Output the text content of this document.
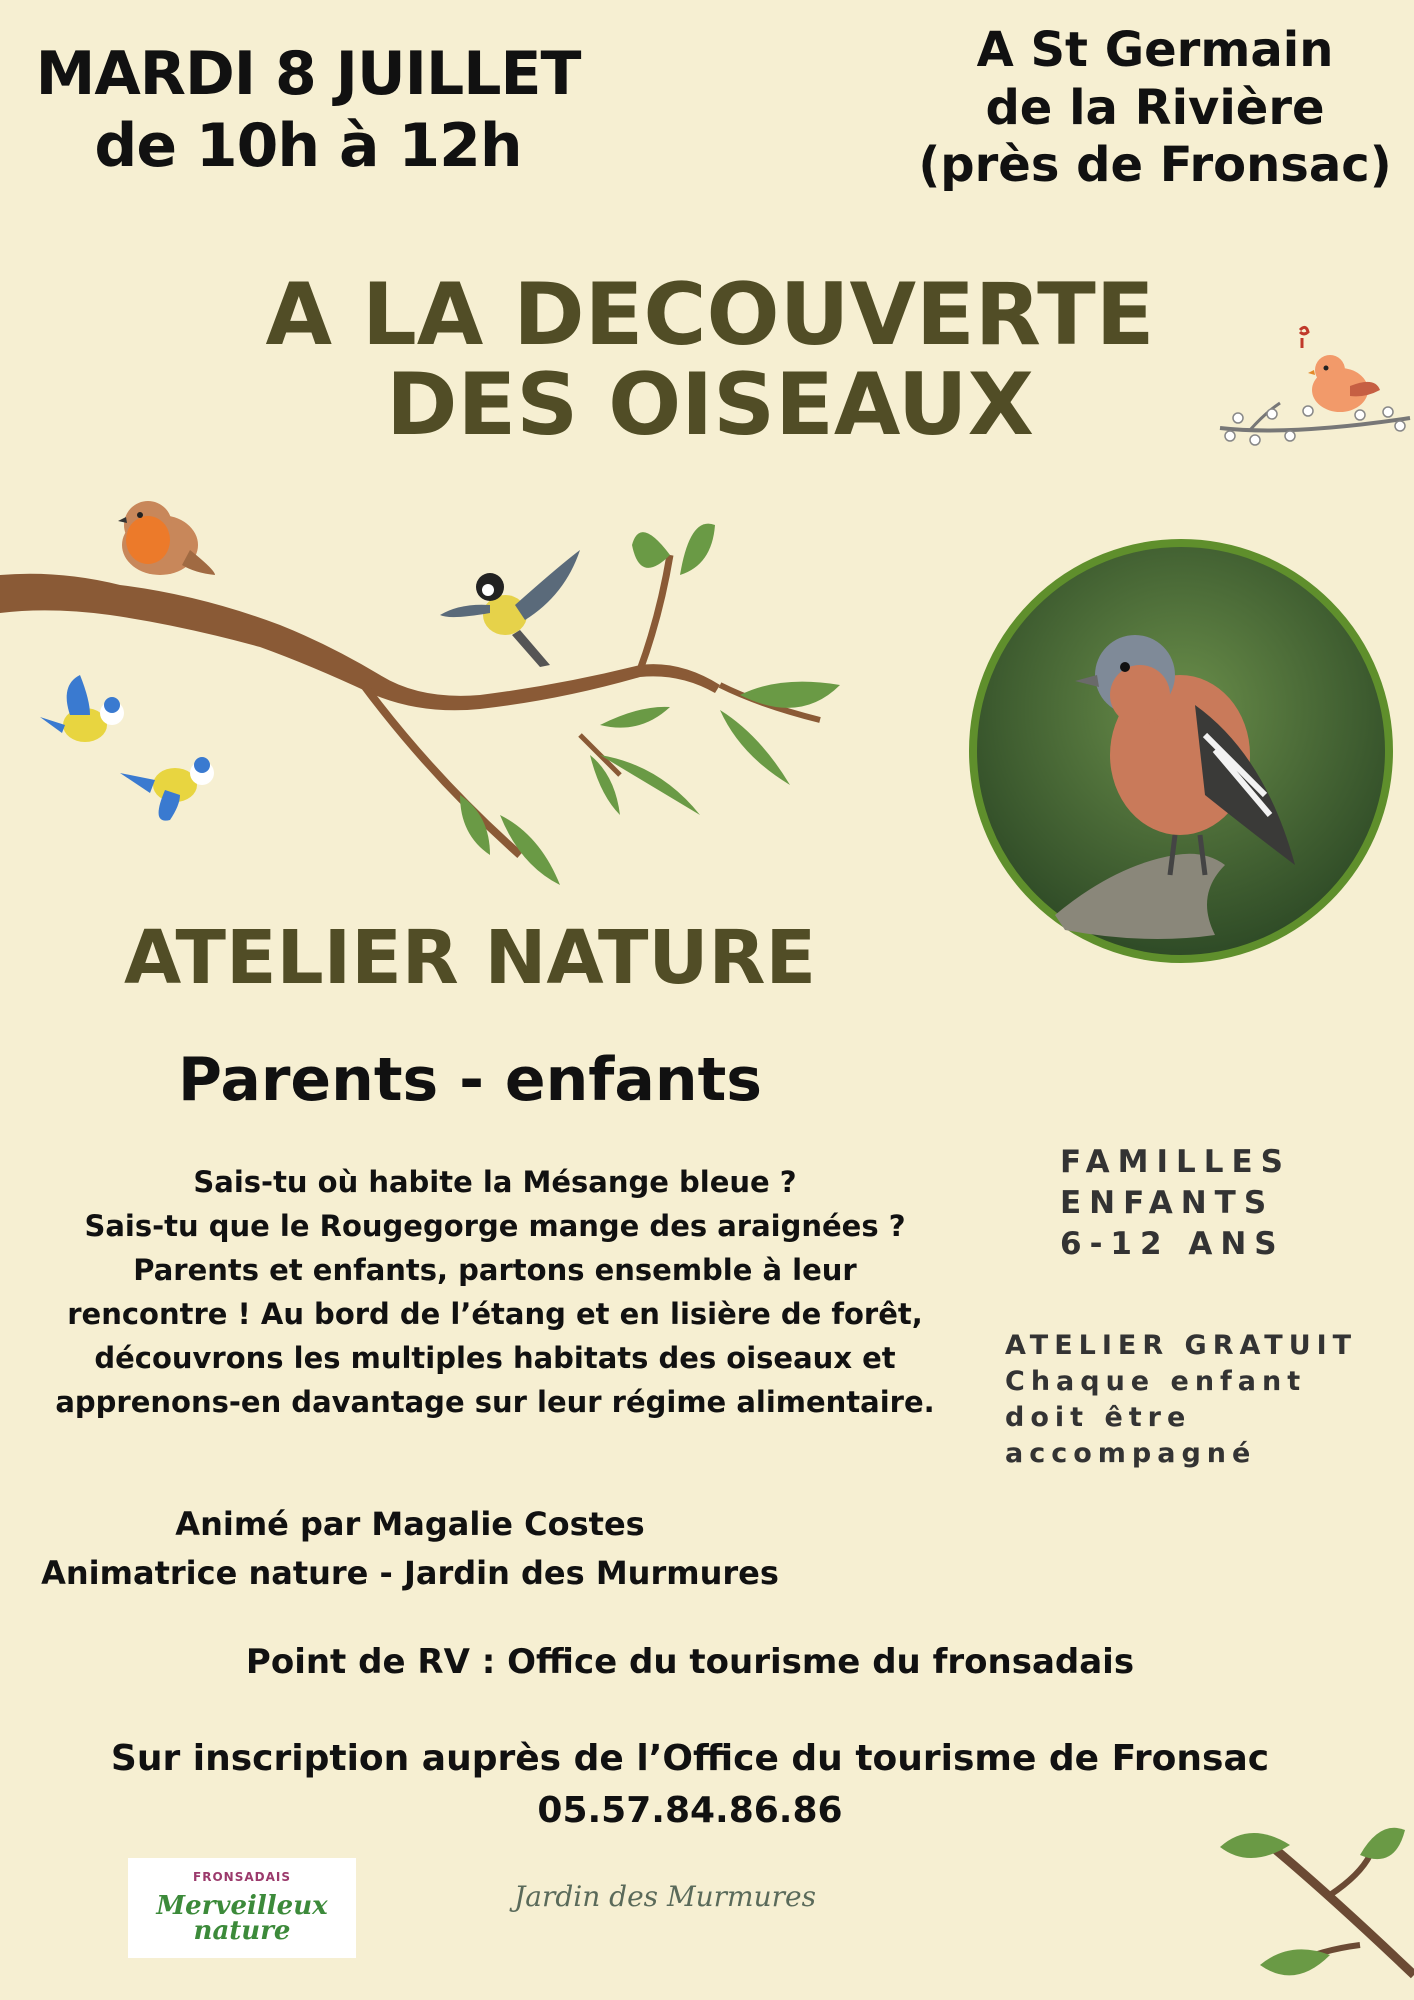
MARDI 8 JUILLET
de 10h à 12h
A St Germain
de la Rivière
(près de Fronsac)
A LA DECOUVERTE
DES OISEAUX
ATELIER NATURE
Parents - enfants
Sais-tu où habite la Mésange bleue ?
Sais-tu que le Rougegorge mange des araignées ?
Parents et enfants, partons ensemble à leur
rencontre ! Au bord de l’étang et en lisière de forêt,
découvrons les multiples habitats des oiseaux et
apprenons-en davantage sur leur régime alimentaire.
FAMILLES
ENFANTS
6-12 ANS
ATELIER GRATUIT
Chaque enfant
doit être
accompagné
Animé par Magalie Costes
Animatrice nature - Jardin des Murmures
Point de RV : Office du tourisme du fronsadais
Sur inscription auprès de l’Office du tourisme de Fronsac
05.57.84.86.86
FRONSADAIS
Merveilleux
nature
Jardin des Murmures
